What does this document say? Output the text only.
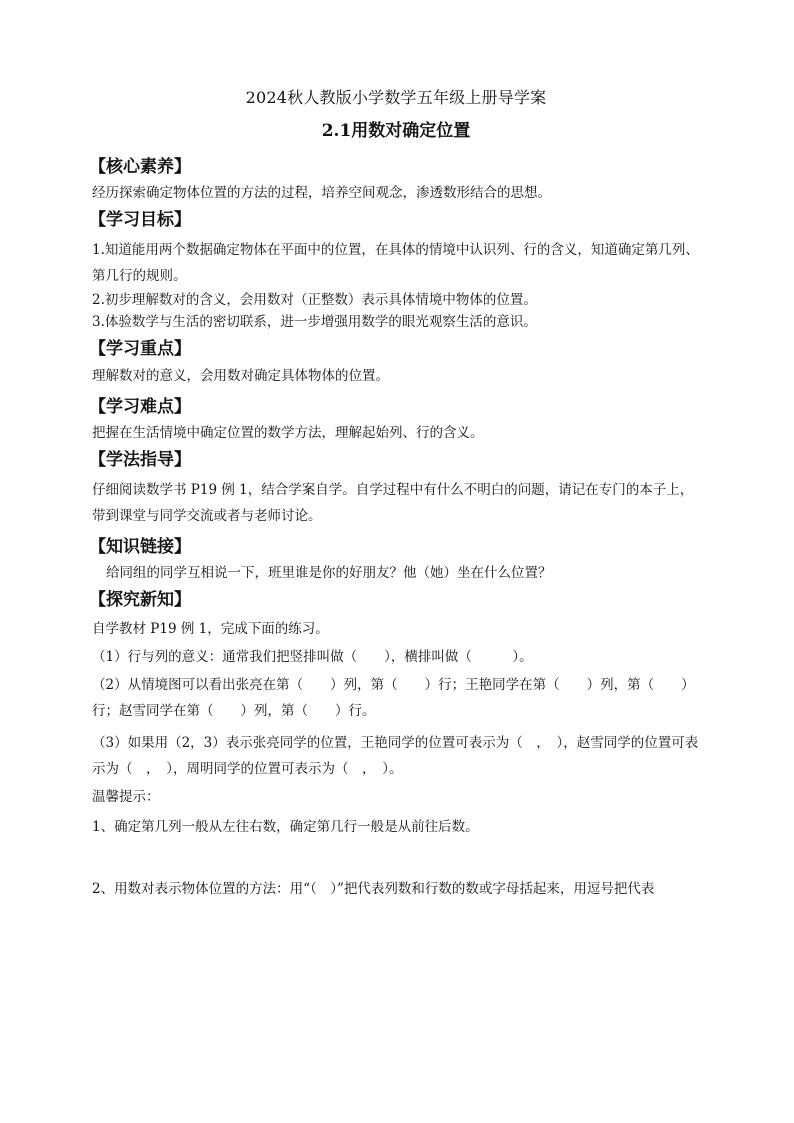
2024秋人教版小学数学五年级上册导学案
2.1用数对确定位置
【核心素养】

经历探索确定物体位置的方法的过程，培养空间观念，渗透数形结合的思想。

【学习目标】

1.知道能用两个数据确定物体在平面中的位置，在具体的情境中认识列、行的含义，知道确定第几列、第几行的规则。

2.初步理解数对的含义，会用数对（正整数）表示具体情境中物体的位置。

3.体验数学与生活的密切联系，进一步增强用数学的眼光观察生活的意识。

【学习重点】

理解数对的意义，会用数对确定具体物体的位置。

【学习难点】

把握在生活情境中确定位置的数学方法，理解起始列、行的含义。

【学法指导】

仔细阅读数学书 P19 例 1，结合学案自学。自学过程中有什么不明白的问题，请记在专门的本子上，带到课堂与同学交流或者与老师讨论。

【知识链接】

给同组的同学互相说一下，班里谁是你的好朋友？他（她）坐在什么位置？

【探究新知】

自学教材 P19 例 1，完成下面的练习。

（1）行与列的意义：通常我们把竖排叫做（　　），横排叫做（　　　）。

（2）从情境图可以看出张亮在第（　　）列，第（　　）行；王艳同学在第（　　）列，第（　　）行；赵雪同学在第（　　）列，第（　　）行。

（3）如果用（2，3）表示张亮同学的位置，王艳同学的位置可表示为（　，　），赵雪同学的位置可表示为（　，　），周明同学的位置可表示为（　，　）。

温馨提示：

1、确定第几列一般从左往右数，确定第几行一般是从前往后数。

2、用数对表示物体位置的方法：用“（　）”把代表列数和行数的数或字母括起来，用逗号把代表
